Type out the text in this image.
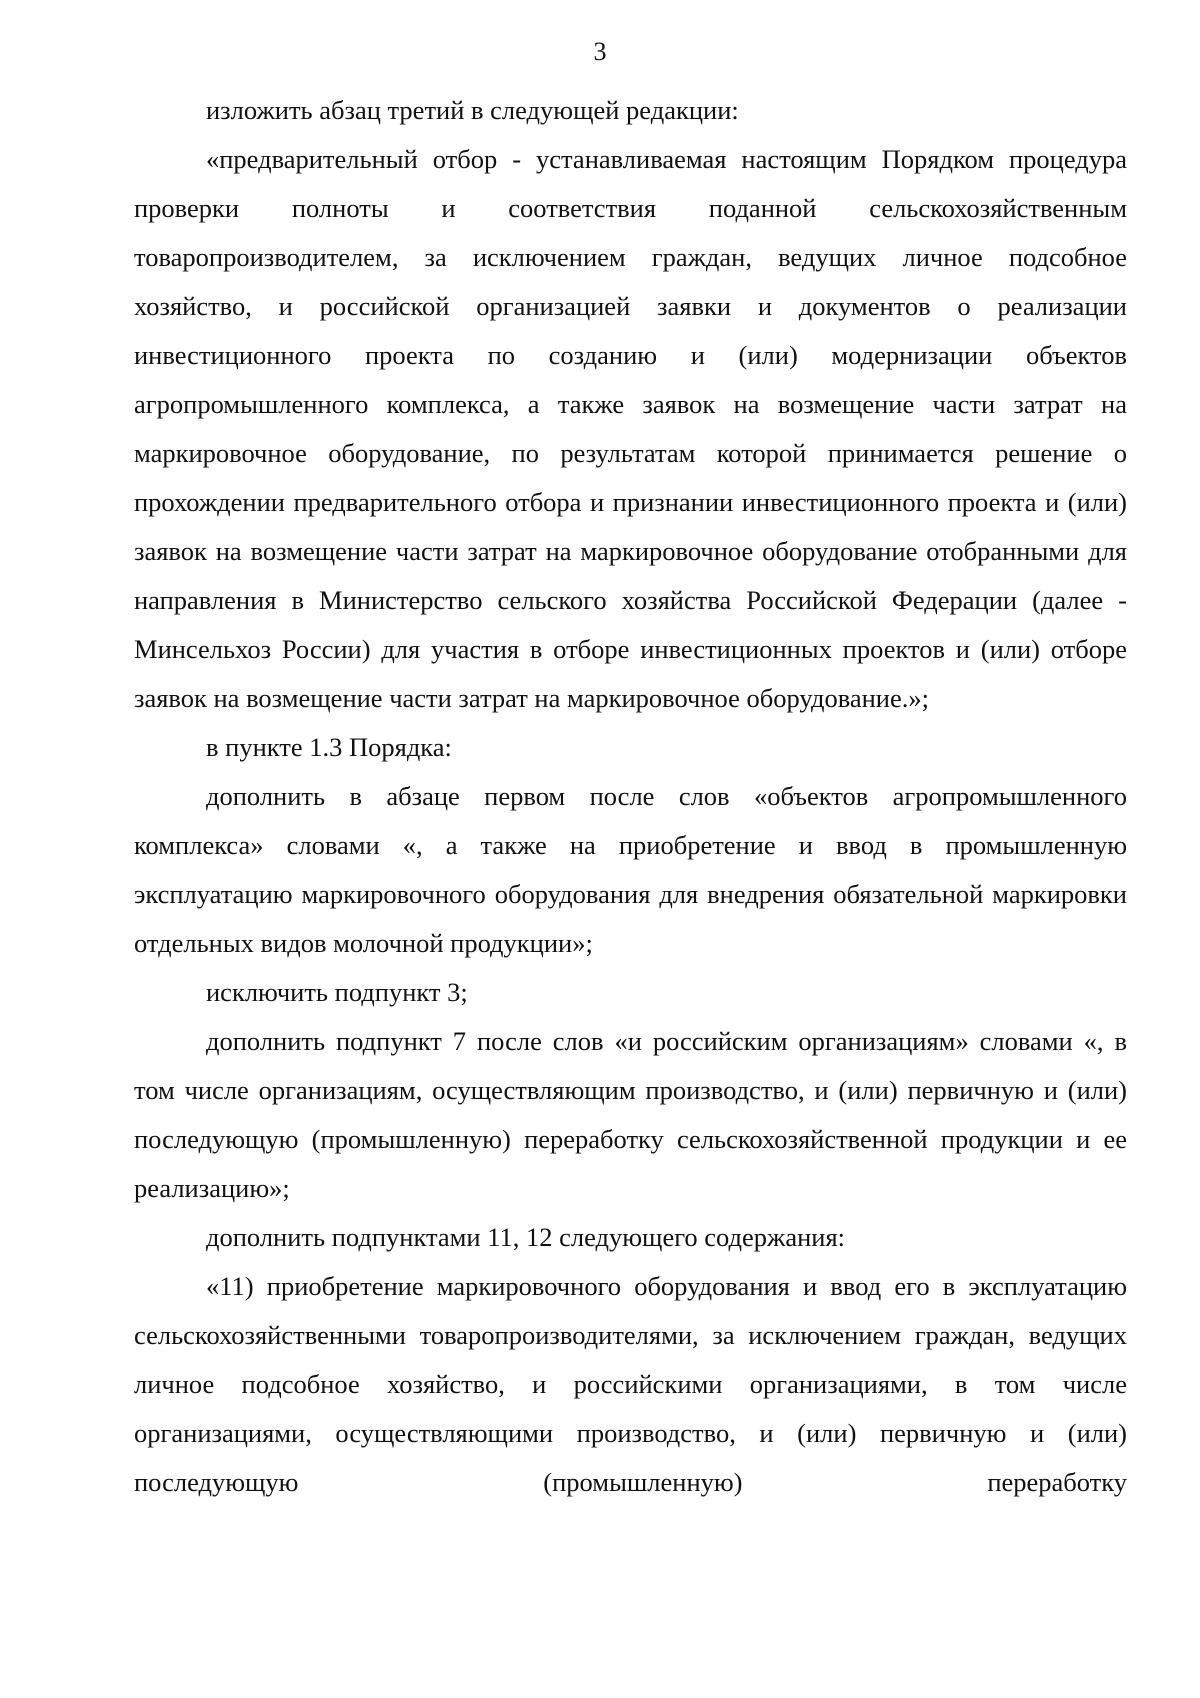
3

изложить абзац третий в следующей редакции:

«предварительный отбор - устанавливаемая настоящим Порядком процедура проверки полноты и соответствия поданной сельскохозяйственным товаропроизводителем, за исключением граждан, ведущих личное подсобное хозяйство, и российской организацией заявки и документов о реализации инвестиционного проекта по созданию и (или) модернизации объектов агропромышленного комплекса, а также заявок на возмещение части затрат на маркировочное оборудование, по результатам которой принимается решение о прохождении предварительного отбора и признании инвестиционного проекта и (или) заявок на возмещение части затрат на маркировочное оборудование отобранными для направления в Министерство сельского хозяйства Российской Федерации (далее - Минсельхоз России) для участия в отборе инвестиционных проектов и (или) отборе заявок на возмещение части затрат на маркировочное оборудование.»;

в пункте 1.3 Порядка:

дополнить в абзаце первом после слов «объектов агропромышленного комплекса» словами «, а также на приобретение и ввод в промышленную эксплуатацию маркировочного оборудования для внедрения обязательной маркировки отдельных видов молочной продукции»;

исключить подпункт 3;

дополнить подпункт 7 после слов «и российским организациям» словами «, в том числе организациям, осуществляющим производство, и (или) первичную и (или) последующую (промышленную) переработку сельскохозяйственной продукции и ее реализацию»;

дополнить подпунктами 11, 12 следующего содержания:

«11) приобретение маркировочного оборудования и ввод его в эксплуатацию сельскохозяйственными товаропроизводителями, за исключением граждан, ведущих личное подсобное хозяйство, и российскими организациями, в том числе организациями, осуществляющими производство, и (или) первичную и (или) последующую (промышленную) переработку
